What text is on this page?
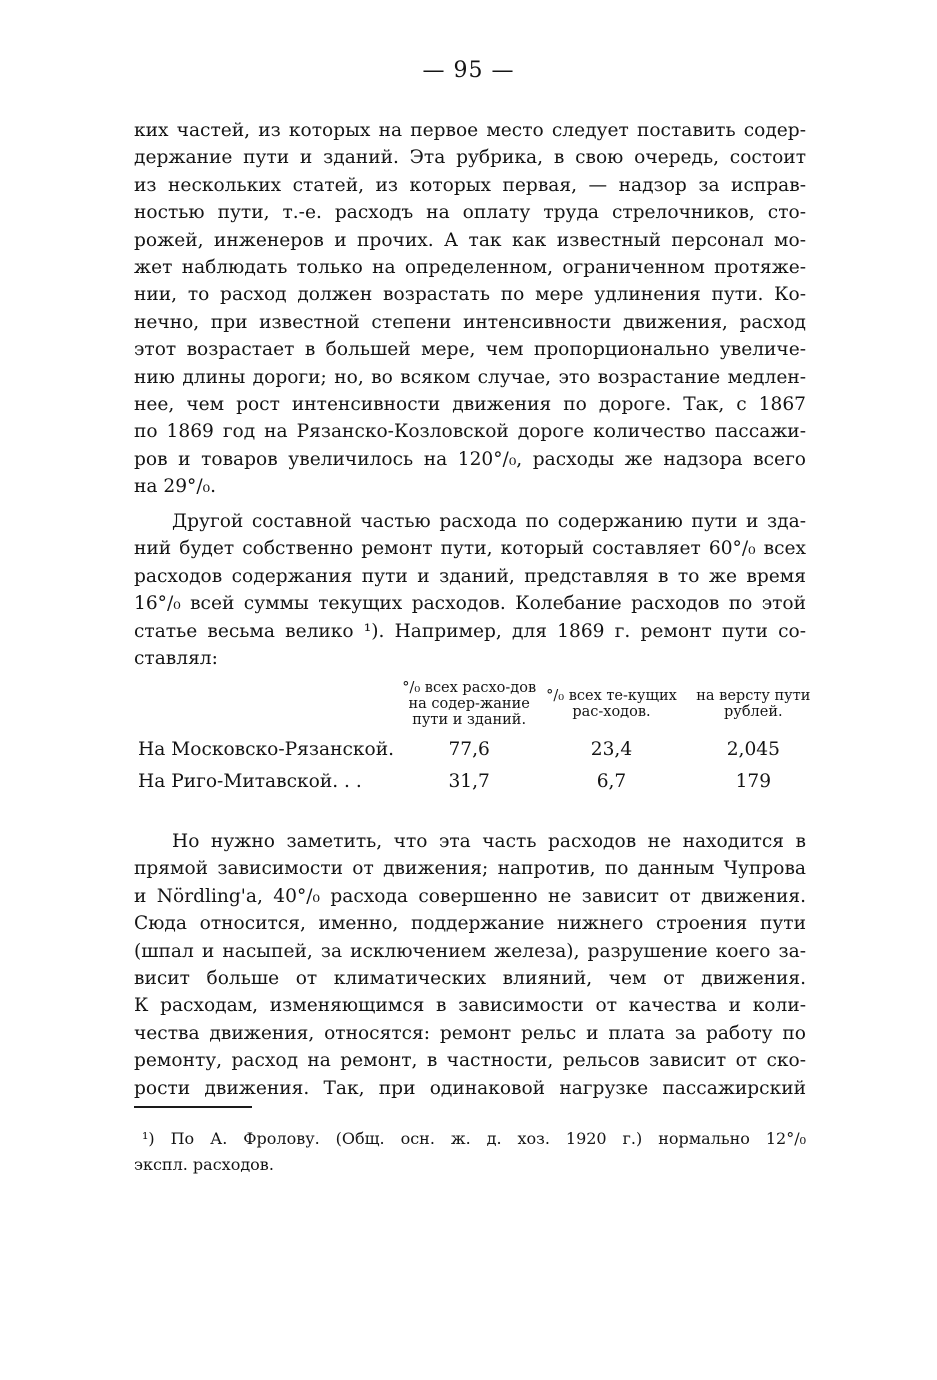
— 95 —
ких частей, из которых на первое место следует поставить содер-
держание пути и зданий. Эта рубрика, в свою очередь, состоит
из нескольких статей, из которых первая, — надзор за исправ-
ностью пути, т.-е. расходъ на оплату труда стрелочников, сто-
рожей, инженеров и прочих. А так как известный персонал мо-
жет наблюдать только на определенном, ограниченном протяже-
нии, то расход должен возрастать по мере удлинения пути. Ко-
нечно, при известной степени интенсивности движения, расход
этот возрастает в большей мере, чем пропорционально увеличе-
нию длины дороги; но, во всяком случае, это возрастание медлен-
нее, чем рост интенсивности движения по дороге. Так, с 1867
по 1869 год на Рязанско-Козловской дороге количество пассажи-
ров и товаров увеличилось на 120°/₀, расходы же надзора всего
на 29°/₀.
Другой составной частью расхода по содержанию пути и зда-
ний будет собственно ремонт пути, который составляет 60°/₀ всех
расходов содержания пути и зданий, представляя в то же время
16°/₀ всей суммы текущих расходов. Колебание расходов по этой
статье весьма велико ¹). Например, для 1869 г. ремонт пути со-
ставлял:
	°/₀ всех расхо-дов на содер-жание пути и зданий.	°/₀ всех те-кущих рас-ходов.	на версту пути рублей.
На Московско-Рязанской.	77,6	23,4	2,045
На Риго-Митавской. . .	31,7	6,7	179
Но нужно заметить, что эта часть расходов не находится в
прямой зависимости от движения; напротив, по данным Чупрова
и Nördling'a, 40°/₀ расхода совершенно не зависит от движения.
Сюда относится, именно, поддержание нижнего строения пути
(шпал и насыпей, за исключением железа), разрушение коего за-
висит больше от климатических влияний, чем от движения.
К расходам, изменяющимся в зависимости от качества и коли-
чества движения, относятся: ремонт рельс и плата за работу по
ремонту, расход на ремонт, в частности, рельсов зависит от ско-
рости движения. Так, при одинаковой нагрузке пассажирский
¹) По А. Фролову. (Общ. осн. ж. д. хоз. 1920 г.) нормально 12°/₀
экспл. расходов.
